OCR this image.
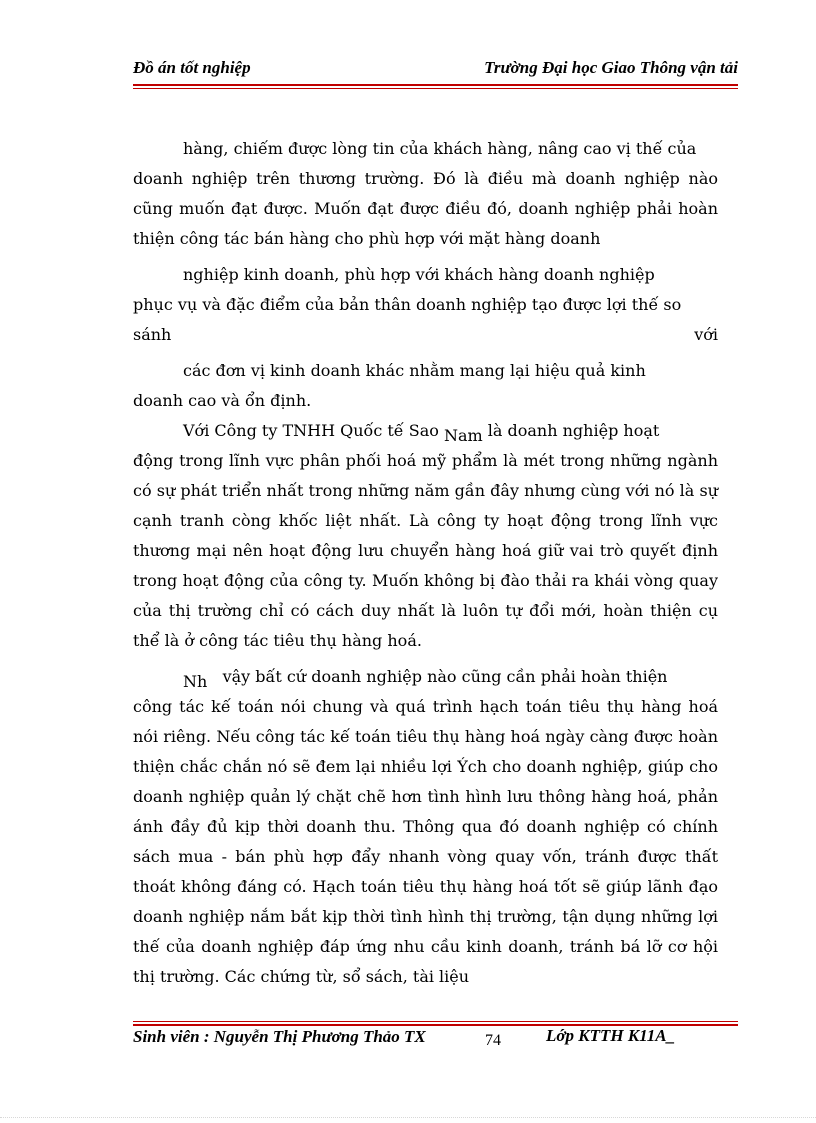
Đồ án tốt nghiệp	Trường Đại học Giao Thông vận tải
hàng, chiếm được lòng tin của khách hàng, nâng cao vị thế của
doanh nghiệp trên thương trường. Đó là điều mà doanh nghiệp nào cũng muốn đạt được. Muốn đạt được điều đó, doanh nghiệp phải hoàn thiện công tác bán hàng cho phù hợp với mặt hàng doanh
nghiệp kinh doanh, phù hợp với khách hàng doanh nghiệp
phục vụ và đặc điểm của bản thân doanh nghiệp tạo được lợi thế so
sánh	với
các đơn vị kinh doanh khác nhằm mang lại hiệu quả kinh
doanh cao và ổn định.
Với Công ty TNHH Quốc tế Sao Nam là doanh nghiệp hoạt
động trong lĩnh vực phân phối hoá mỹ phẩm là mét trong những ngành có sự phát triển nhất trong những năm gần đây nhưng cùng với nó là sự cạnh tranh còng khốc liệt nhất. Là công ty hoạt động trong lĩnh vực thương mại nên hoạt động lưu chuyển hàng hoá giữ vai trò quyết định trong hoạt động của công ty. Muốn không bị đào thải ra khái vòng quay của thị trường chỉ có cách duy nhất là luôn tự đổi mới, hoàn thiện cụ thể là ở công tác tiêu thụ hàng hoá.
Nh vậy bất cứ doanh nghiệp nào cũng cần phải hoàn thiện
công tác kế toán nói chung và quá trình hạch toán tiêu thụ hàng hoá nói riêng. Nếu công tác kế toán tiêu thụ hàng hoá ngày càng được hoàn thiện chắc chắn nó sẽ đem lại nhiều lợi Ých cho doanh nghiệp, giúp cho doanh nghiệp quản lý chặt chẽ hơn tình hình lưu thông hàng hoá, phản ánh đầy đủ kịp thời doanh thu. Thông qua đó doanh nghiệp có chính sách mua - bán phù hợp đẩy nhanh vòng quay vốn, tránh được thất thoát không đáng có. Hạch toán tiêu thụ hàng hoá tốt sẽ giúp lãnh đạo doanh nghiệp nắm bắt kịp thời tình hình thị trường, tận dụng những lợi thế của doanh nghiệp đáp ứng nhu cầu kinh doanh, tránh bá lỡ cơ hội thị trường. Các chứng từ, sổ sách, tài liệu
Sinh viên : Nguyễn Thị Phương Thảo TX	74	Lớp KTTH K11A_
